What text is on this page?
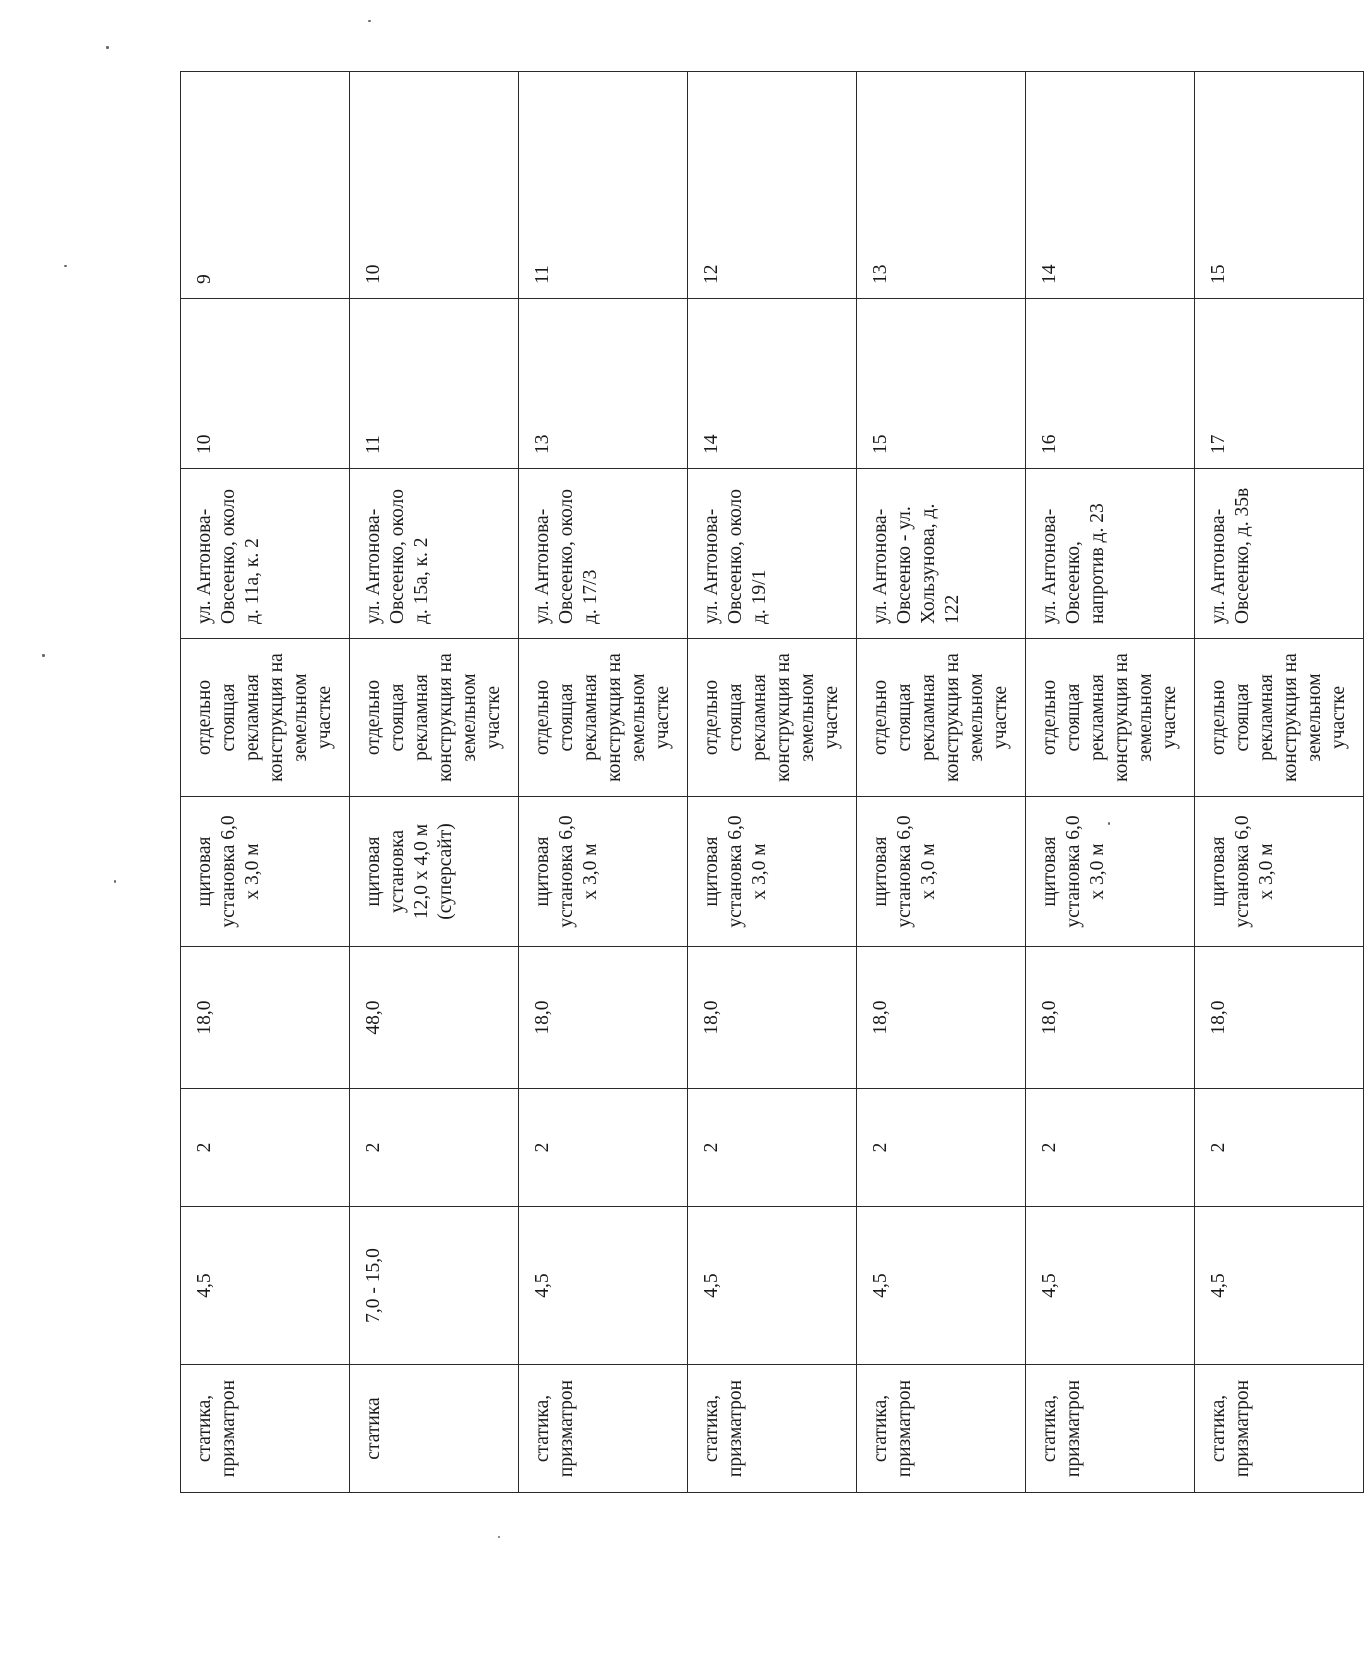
статика, призматрон	4,5	2	18,0	щитовая установка 6,0 х 3,0 м	отдельно стоящая рекламная конструкция на земельном участке	ул. Антонова-Овсеенко, около д. 11а, к. 2	10	9
статика	7,0 - 15,0	2	48,0	щитовая установка 12,0 х 4,0 м (суперсайт)	отдельно стоящая рекламная конструкция на земельном участке	ул. Антонова-Овсеенко, около д. 15а, к. 2	11	10
статика, призматрон	4,5	2	18,0	щитовая установка 6,0 х 3,0 м	отдельно стоящая рекламная конструкция на земельном участке	ул. Антонова-Овсеенко, около д. 17/3	13	11
статика, призматрон	4,5	2	18,0	щитовая установка 6,0 х 3,0 м	отдельно стоящая рекламная конструкция на земельном участке	ул. Антонова-Овсеенко, около д. 19/1	14	12
статика, призматрон	4,5	2	18,0	щитовая установка 6,0 х 3,0 м	отдельно стоящая рекламная конструкция на земельном участке	ул. Антонова-Овсеенко - ул. Хользунова, д. 122	15	13
статика, призматрон	4,5	2	18,0	щитовая установка 6,0 х 3,0 м	отдельно стоящая рекламная конструкция на земельном участке	ул. Антонова-Овсеенко, напротив д. 23	16	14
статика, призматрон	4,5	2	18,0	щитовая установка 6,0 х 3,0 м	отдельно стоящая рекламная конструкция на земельном участке	ул. Антонова-Овсеенко, д. 35в	17	15
